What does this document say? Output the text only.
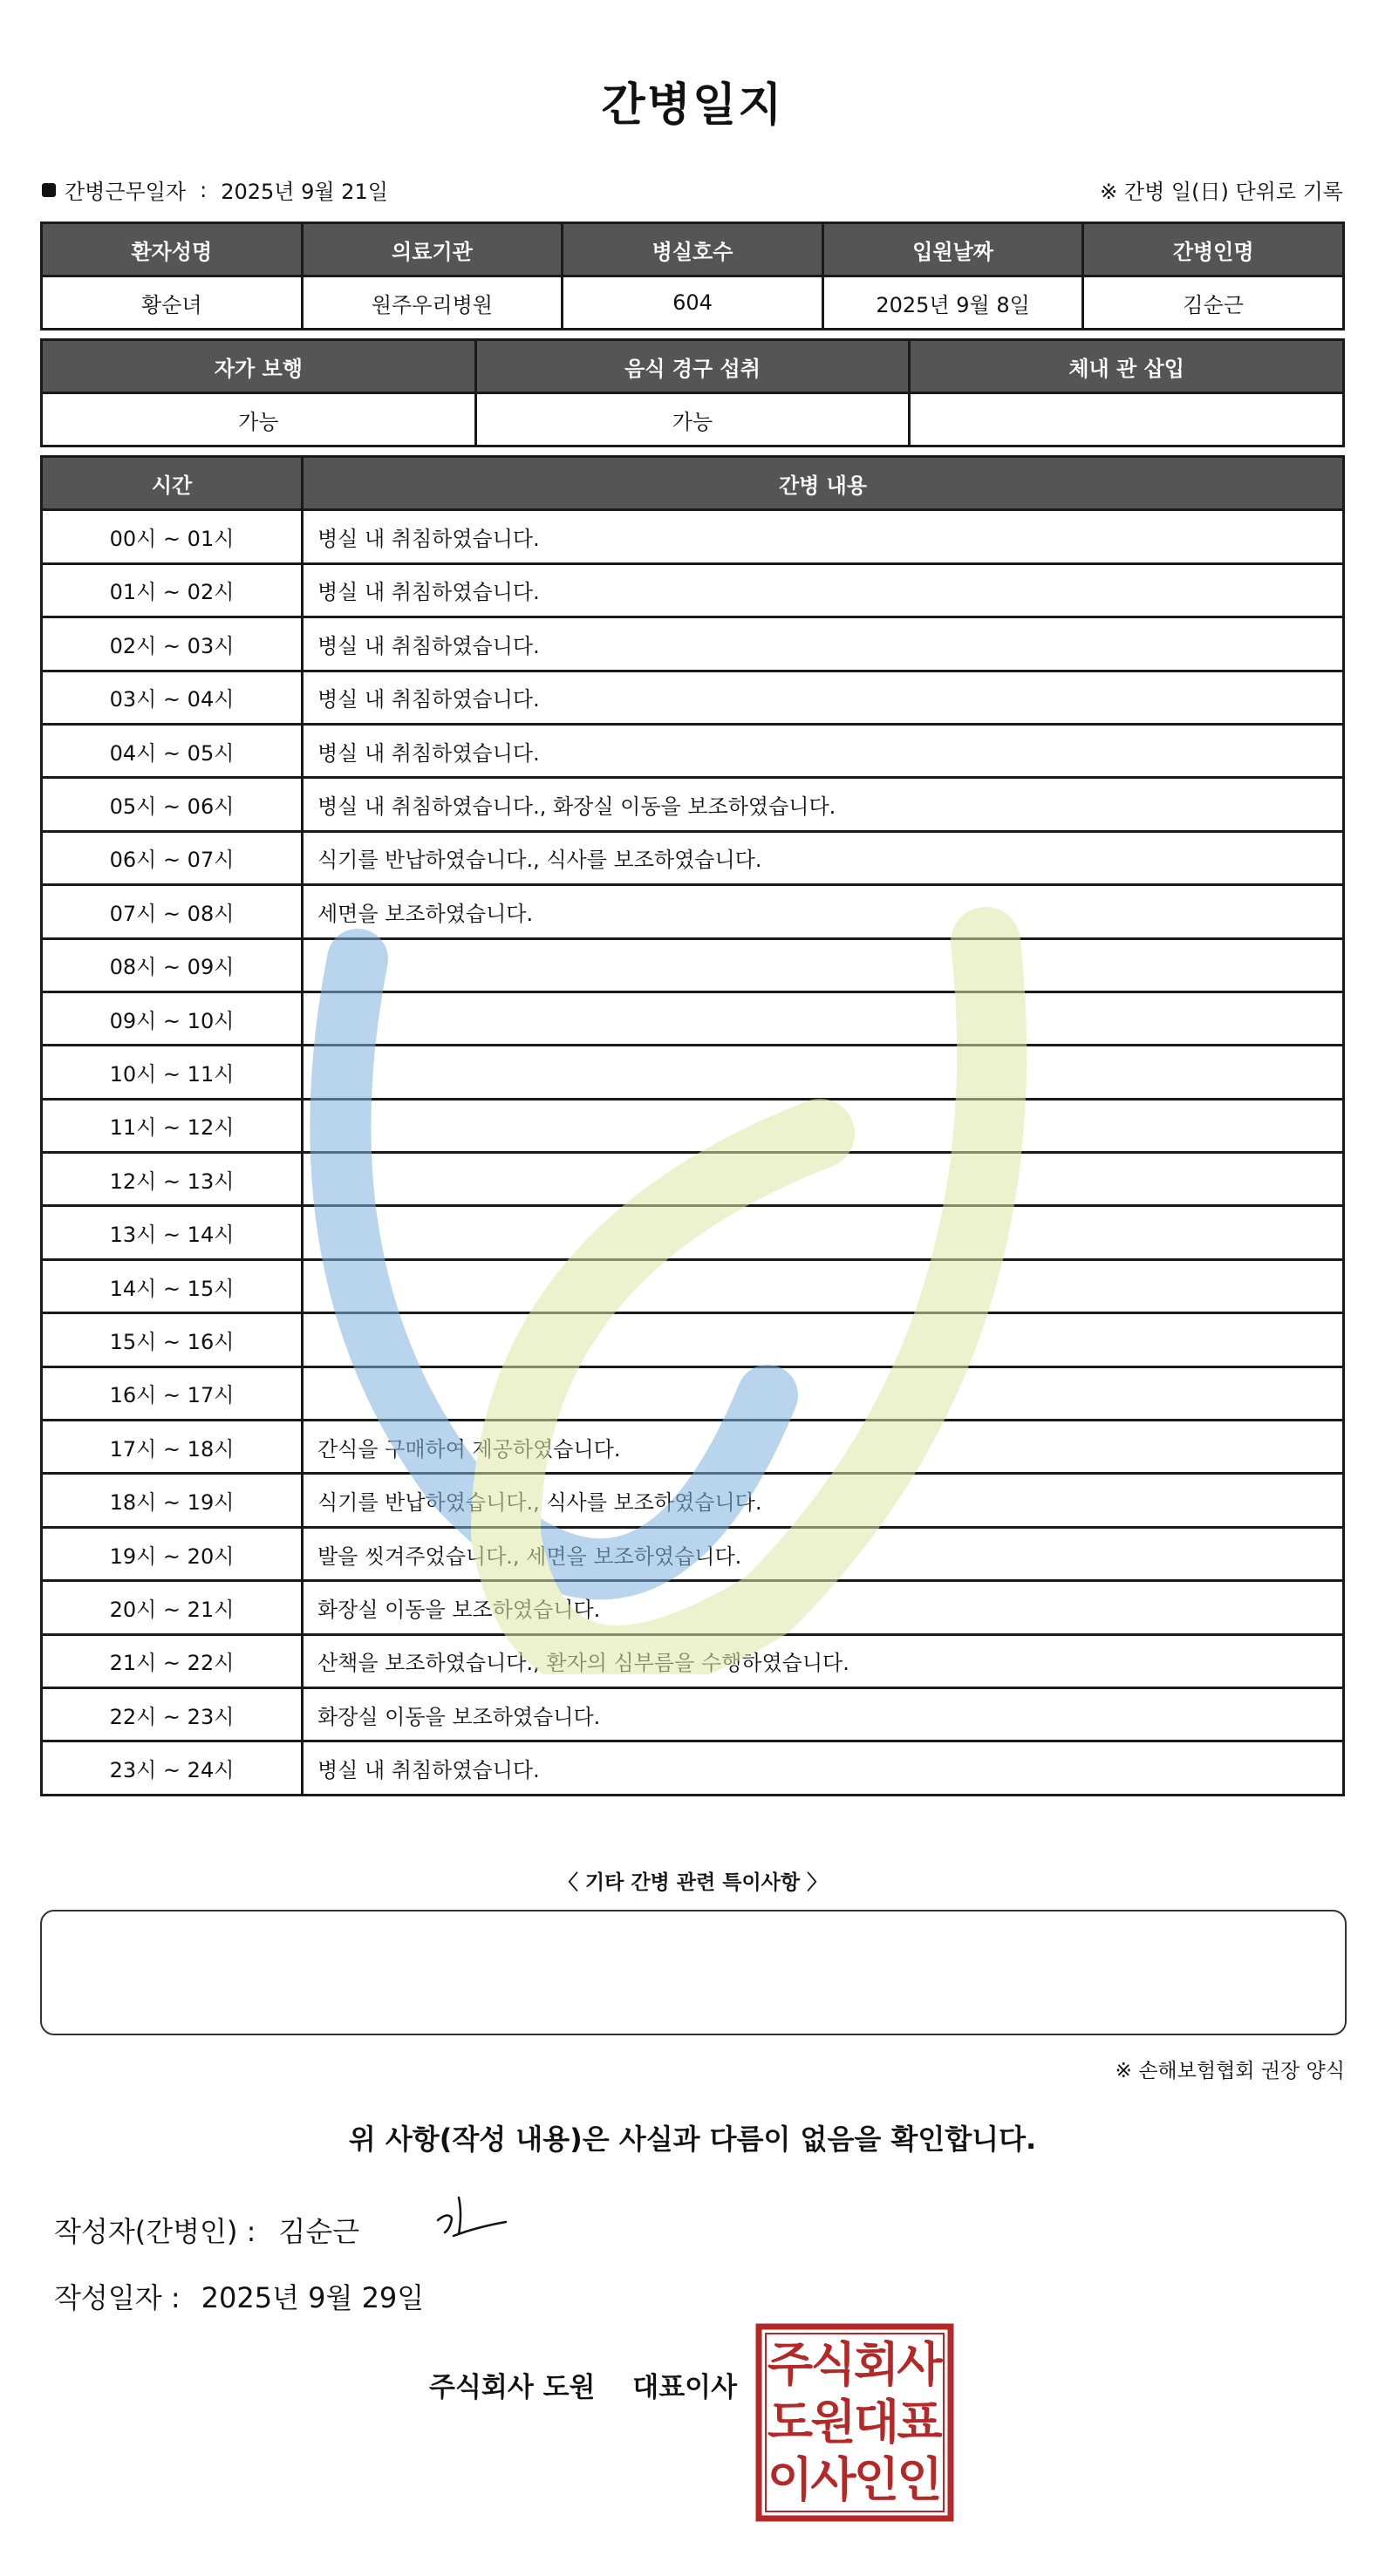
간병일지
간병근무일자 : 2025년 9월 21일	※ 간병 일(日) 단위로 기록
환자성명	의료기관	병실호수	입원날짜	간병인명
황순녀	원주우리병원	604	2025년 9월 8일	김순근
자가 보행	음식 경구 섭취	체내 관 삽입
가능	가능	
시간	간병 내용
00시 ~ 01시	병실 내 취침하였습니다.
01시 ~ 02시	병실 내 취침하였습니다.
02시 ~ 03시	병실 내 취침하였습니다.
03시 ~ 04시	병실 내 취침하였습니다.
04시 ~ 05시	병실 내 취침하였습니다.
05시 ~ 06시	병실 내 취침하였습니다., 화장실 이동을 보조하였습니다.
06시 ~ 07시	식기를 반납하였습니다., 식사를 보조하였습니다.
07시 ~ 08시	세면을 보조하였습니다.
08시 ~ 09시	
09시 ~ 10시	
10시 ~ 11시	
11시 ~ 12시	
12시 ~ 13시	
13시 ~ 14시	
14시 ~ 15시	
15시 ~ 16시	
16시 ~ 17시	
17시 ~ 18시	간식을 구매하여 제공하였습니다.
18시 ~ 19시	식기를 반납하였습니다., 식사를 보조하였습니다.
19시 ~ 20시	발을 씻겨주었습니다., 세면을 보조하였습니다.
20시 ~ 21시	화장실 이동을 보조하였습니다.
21시 ~ 22시	산책을 보조하였습니다., 환자의 심부름을 수행하였습니다.
22시 ~ 23시	화장실 이동을 보조하였습니다.
23시 ~ 24시	병실 내 취침하였습니다.
〈 기타 간병 관련 특이사항 〉
※ 손해보험협회 권장 양식
위 사항(작성 내용)은 사실과 다름이 없음을 확인합니다.
작성자(간병인) : 김순근
작성일자 : 2025년 9월 29일
주식회사 도원 대표이사 주
식
회
사
도
원
대
표
이
사
인
인
